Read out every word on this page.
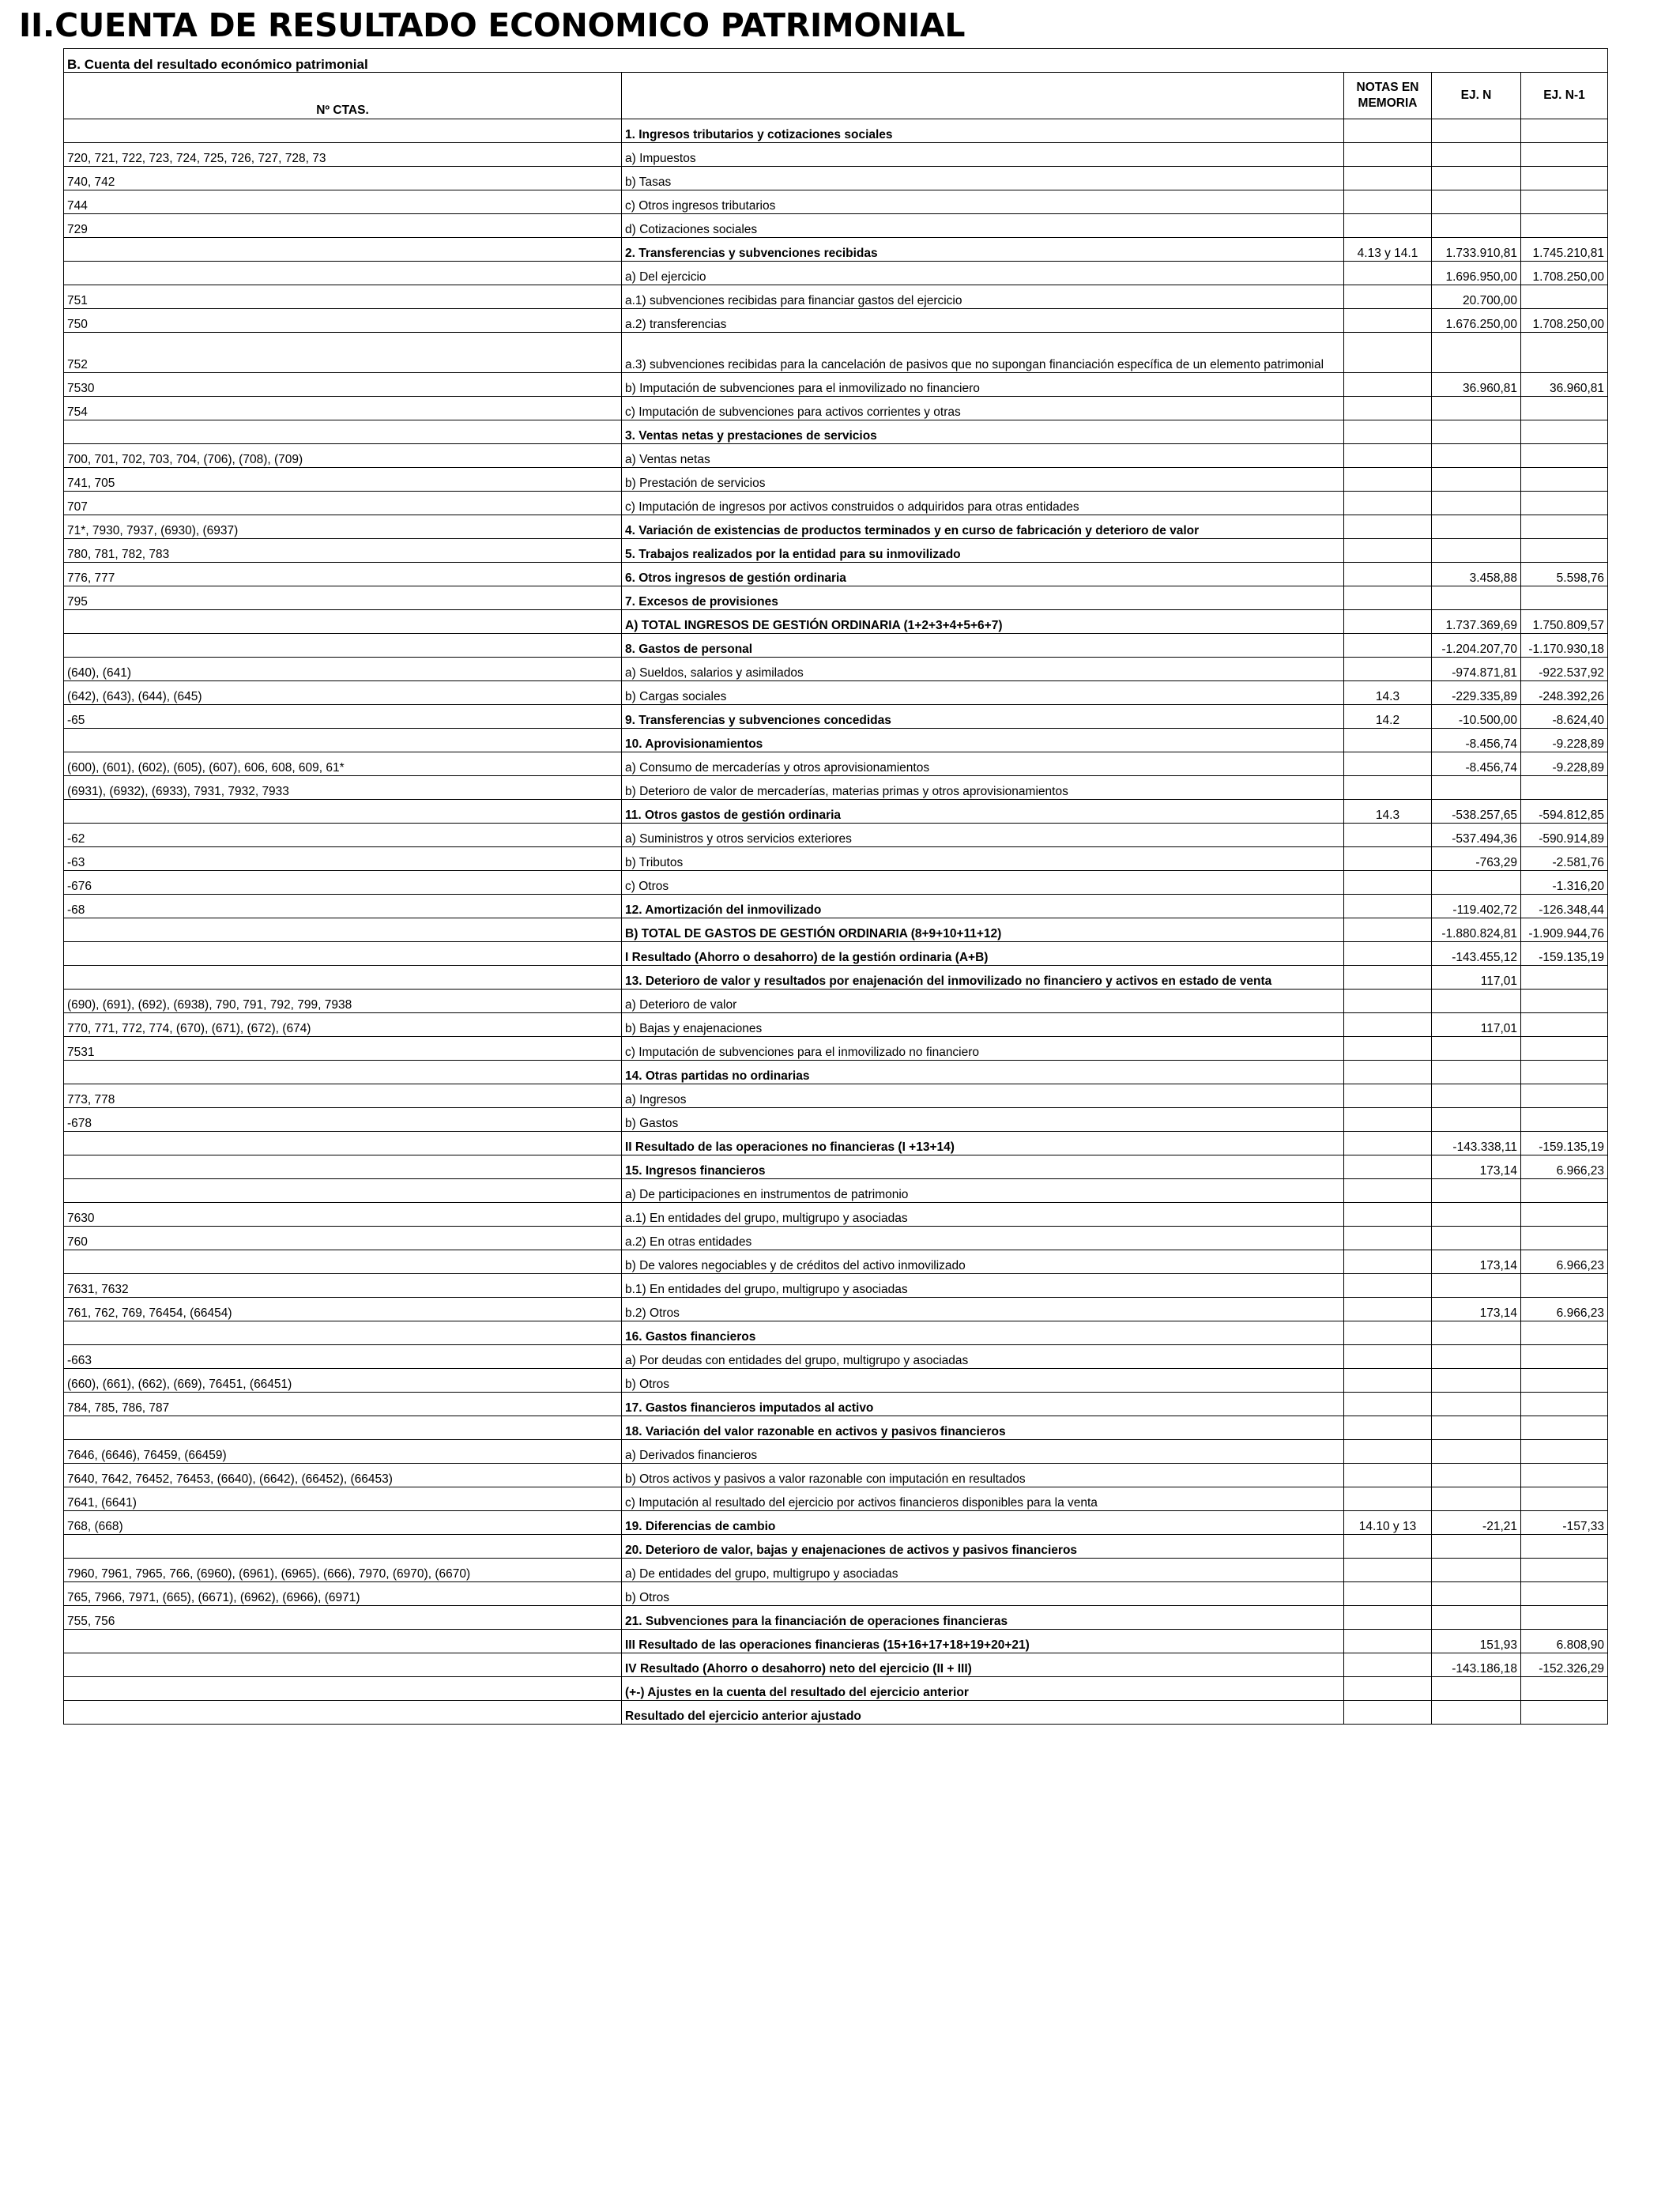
II.CUENTA DE RESULTADO ECONOMICO PATRIMONIAL
B. Cuenta del resultado económico patrimonial				
Nº CTAS.		NOTAS EN MEMORIA	EJ. N	EJ. N-1
	1. Ingresos tributarios y cotizaciones sociales			
720, 721, 722, 723, 724, 725, 726, 727, 728, 73	a) Impuestos			
740, 742	b) Tasas			
744	c) Otros ingresos tributarios			
729	d) Cotizaciones sociales			
	2. Transferencias y subvenciones recibidas	4.13 y 14.1	1.733.910,81	1.745.210,81
	a) Del ejercicio		1.696.950,00	1.708.250,00
751	a.1) subvenciones recibidas para financiar gastos del ejercicio		20.700,00	
750	a.2) transferencias		1.676.250,00	1.708.250,00
752	a.3) subvenciones recibidas para la cancelación de pasivos que no supongan financiación específica de un elemento patrimonial			
7530	b) Imputación de subvenciones para el inmovilizado no financiero		36.960,81	36.960,81
754	c) Imputación de subvenciones para activos corrientes y otras			
	3. Ventas netas y prestaciones de servicios			
700, 701, 702, 703, 704, (706), (708), (709)	a) Ventas netas			
741, 705	b) Prestación de servicios			
707	c) Imputación de ingresos por activos construidos o adquiridos para otras entidades			
71*, 7930, 7937, (6930), (6937)	4. Variación de existencias de productos terminados y en curso de fabricación y deterioro de valor			
780, 781, 782, 783	5. Trabajos realizados por la entidad para su inmovilizado			
776, 777	6. Otros ingresos de gestión ordinaria		3.458,88	5.598,76
795	7. Excesos de provisiones			
	A) TOTAL INGRESOS DE GESTIÓN ORDINARIA (1+2+3+4+5+6+7)		1.737.369,69	1.750.809,57
	8. Gastos de personal		-1.204.207,70	-1.170.930,18
(640), (641)	a) Sueldos, salarios y asimilados		-974.871,81	-922.537,92
(642), (643), (644), (645)	b) Cargas sociales	14.3	-229.335,89	-248.392,26
-65	9. Transferencias y subvenciones concedidas	14.2	-10.500,00	-8.624,40
	10. Aprovisionamientos		-8.456,74	-9.228,89
(600), (601), (602), (605), (607), 606, 608, 609, 61*	a) Consumo de mercaderías y otros aprovisionamientos		-8.456,74	-9.228,89
(6931), (6932), (6933), 7931, 7932, 7933	b) Deterioro de valor de mercaderías, materias primas y otros aprovisionamientos			
	11. Otros gastos de gestión ordinaria	14.3	-538.257,65	-594.812,85
-62	a) Suministros y otros servicios exteriores		-537.494,36	-590.914,89
-63	b) Tributos		-763,29	-2.581,76
-676	c) Otros			-1.316,20
-68	12. Amortización del inmovilizado		-119.402,72	-126.348,44
	B) TOTAL DE GASTOS DE GESTIÓN ORDINARIA (8+9+10+11+12)		-1.880.824,81	-1.909.944,76
	I Resultado (Ahorro o desahorro) de la gestión ordinaria (A+B)		-143.455,12	-159.135,19
	13. Deterioro de valor y resultados por enajenación del inmovilizado no financiero y activos en estado de venta		117,01	
(690), (691), (692), (6938), 790, 791, 792, 799, 7938	a) Deterioro de valor			
770, 771, 772, 774, (670), (671), (672), (674)	b) Bajas y enajenaciones		117,01	
7531	c) Imputación de subvenciones para el inmovilizado no financiero			
	14. Otras partidas no ordinarias			
773, 778	a) Ingresos			
-678	b) Gastos			
	II Resultado de las operaciones no financieras (I +13+14)		-143.338,11	-159.135,19
	15. Ingresos financieros		173,14	6.966,23
	a) De participaciones en instrumentos de patrimonio			
7630	a.1) En entidades del grupo, multigrupo y asociadas			
760	a.2) En otras entidades			
	b) De valores negociables y de créditos del activo inmovilizado		173,14	6.966,23
7631, 7632	b.1) En entidades del grupo, multigrupo y asociadas			
761, 762, 769, 76454, (66454)	b.2) Otros		173,14	6.966,23
	16. Gastos financieros			
-663	a) Por deudas con entidades del grupo, multigrupo y asociadas			
(660), (661), (662), (669), 76451, (66451)	b) Otros			
784, 785, 786, 787	17. Gastos financieros imputados al activo			
	18. Variación del valor razonable en activos y pasivos financieros			
7646, (6646), 76459, (66459)	a) Derivados financieros			
7640, 7642, 76452, 76453, (6640), (6642), (66452), (66453)	b) Otros activos y pasivos a valor razonable con imputación en resultados			
7641, (6641)	c) Imputación al resultado del ejercicio por activos financieros disponibles para la venta			
768, (668)	19. Diferencias de cambio	14.10 y 13	-21,21	-157,33
	20. Deterioro de valor, bajas y enajenaciones de activos y pasivos financieros			
7960, 7961, 7965, 766, (6960), (6961), (6965), (666), 7970, (6970), (6670)	a) De entidades del grupo, multigrupo y asociadas			
765, 7966, 7971, (665), (6671), (6962), (6966), (6971)	b) Otros			
755, 756	21. Subvenciones para la financiación de operaciones financieras			
	III Resultado de las operaciones financieras (15+16+17+18+19+20+21)		151,93	6.808,90
	IV Resultado (Ahorro o desahorro) neto del ejercicio (II + III)		-143.186,18	-152.326,29
	(+-) Ajustes en la cuenta del resultado del ejercicio anterior			
	Resultado del ejercicio anterior ajustado			
